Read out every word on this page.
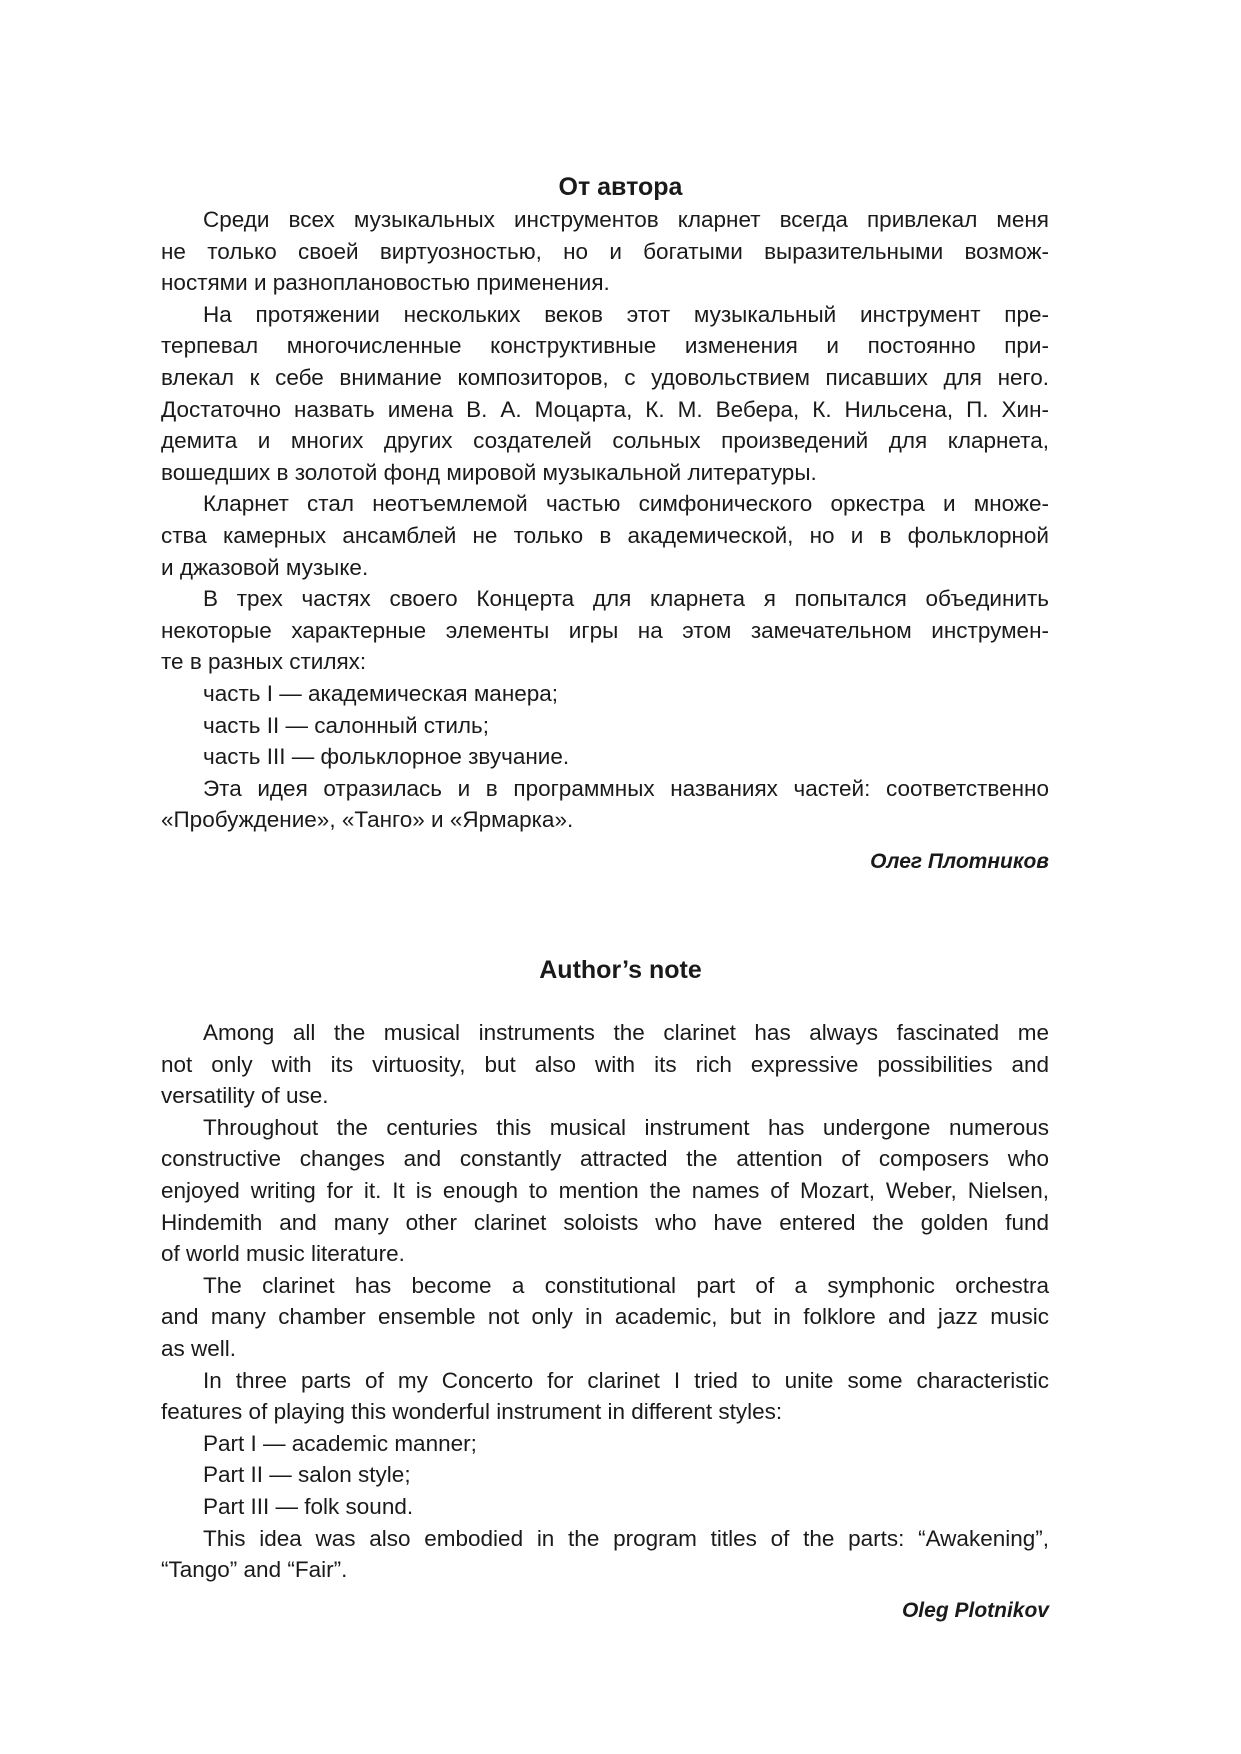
От автора
Среди всех музыкальных инструментов кларнет всегда привлекал меня
не только своей виртуозностью, но и богатыми выразительными возмож-
ностями и разноплановостью применения.
На протяжении нескольких веков этот музыкальный инструмент пре-
терпевал многочисленные конструктивные изменения и постоянно при-
влекал к себе внимание композиторов, с удовольствием писавших для него.
Достаточно назвать имена В. А. Моцарта, К. М. Вебера, К. Нильсена, П. Хин-
демита и многих других создателей сольных произведений для кларнета,
вошедших в золотой фонд мировой музыкальной литературы.
Кларнет стал неотъемлемой частью симфонического оркестра и множе-
ства камерных ансамблей не только в академической, но и в фольклорной
и джазовой музыке.
В трех частях своего Концерта для кларнета я попытался объединить
некоторые характерные элементы игры на этом замечательном инструмен-
те в разных стилях:
часть I — академическая манера;
часть II — салонный стиль;
часть III — фольклорное звучание.
Эта идея отразилась и в программных названиях частей: соответственно
«Пробуждение», «Танго» и «Ярмарка».
Олег Плотников
Author’s note
Among all the musical instruments the clarinet has always fascinated me
not only with its virtuosity, but also with its rich expressive possibilities and
versatility of use.
Throughout the centuries this musical instrument has undergone numerous
constructive changes and constantly attracted the attention of composers who
enjoyed writing for it. It is enough to mention the names of Mozart, Weber, Nielsen,
Hindemith and many other clarinet soloists who have entered the golden fund
of world music literature.
The clarinet has become a constitutional part of a symphonic orchestra
and many chamber ensemble not only in academic, but in folklore and jazz music
as well.
In three parts of my Concerto for clarinet I tried to unite some characteristic
features of playing this wonderful instrument in different styles:
Part I — academic manner;
Part II — salon style;
Part III — folk sound.
This idea was also embodied in the program titles of the parts: “Awakening”,
“Tango” and “Fair”.
Oleg Plotnikov
